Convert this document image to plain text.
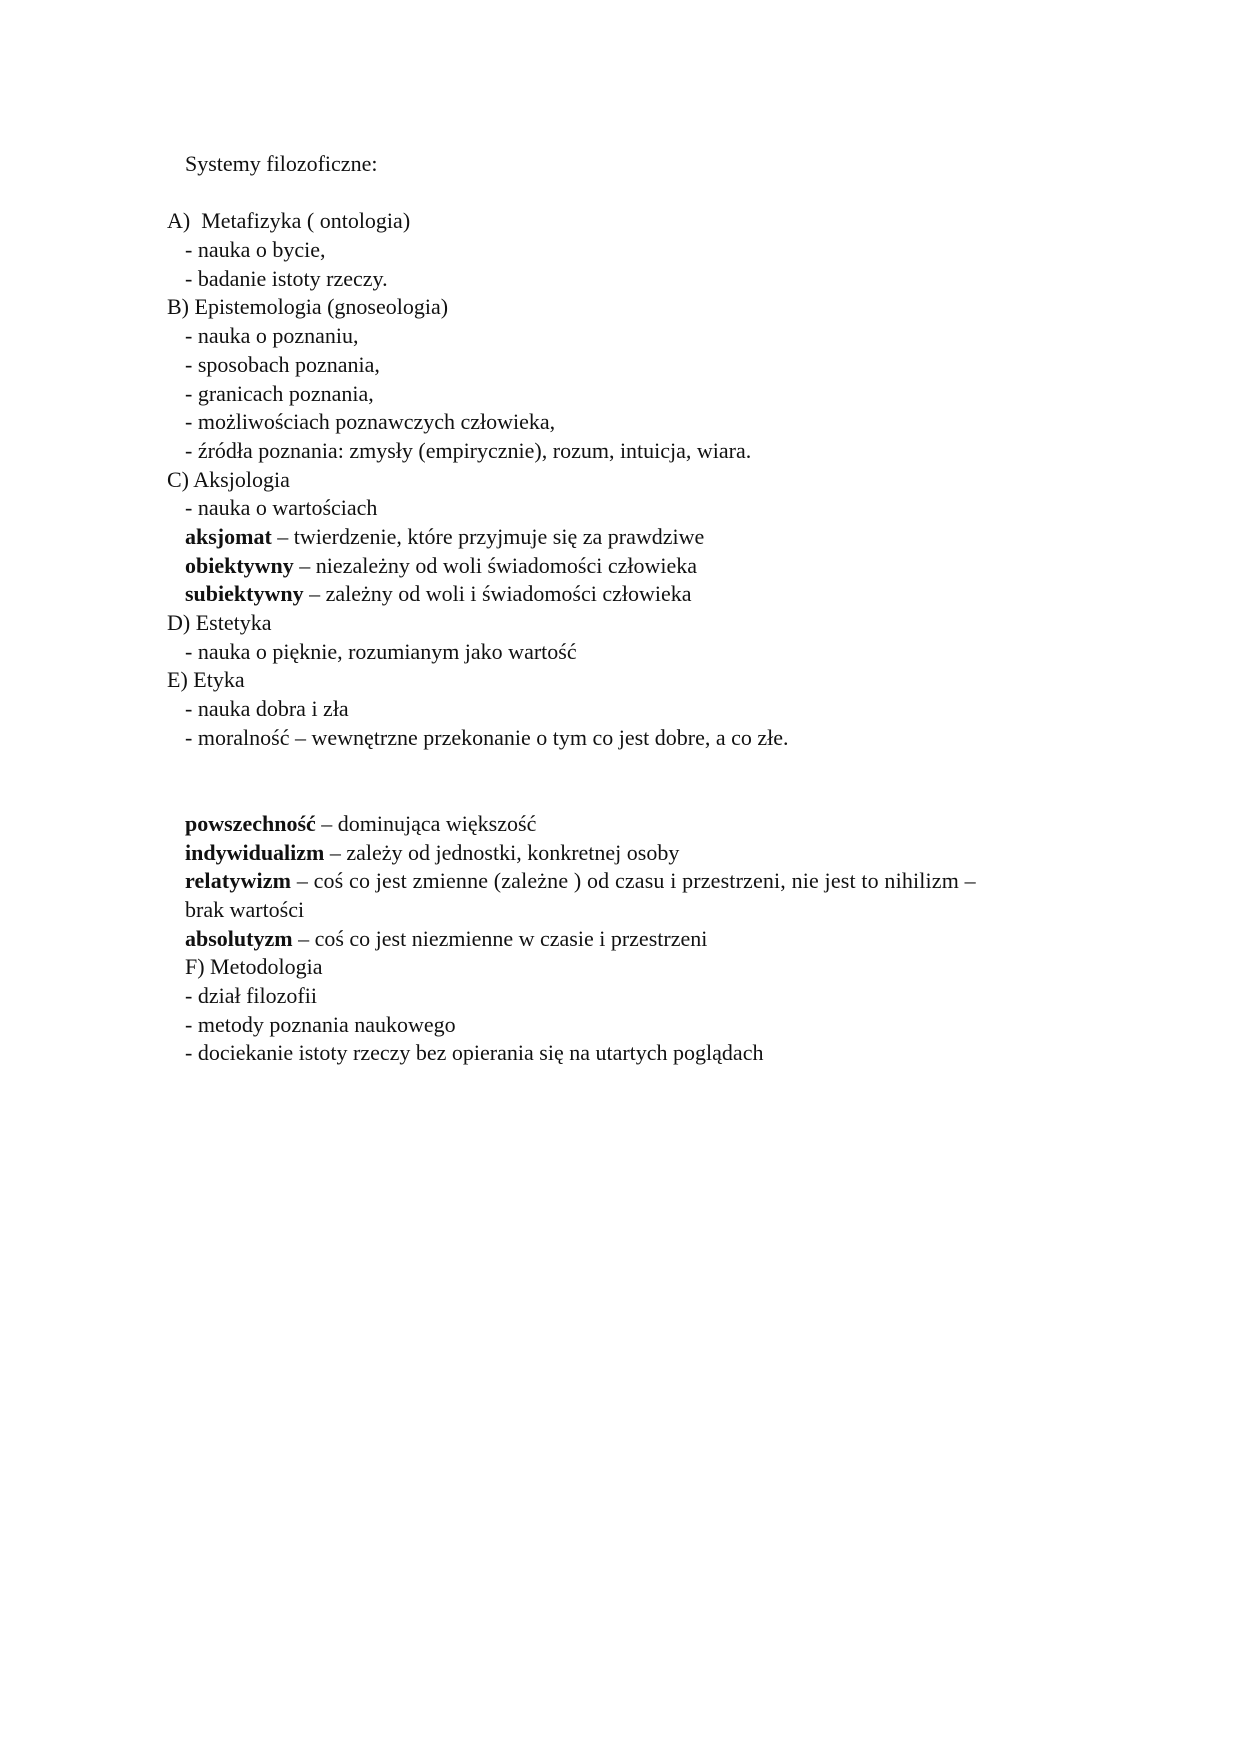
Systemy filozoficzne:
A)  Metafizyka ( ontologia)
- nauka o bycie,
- badanie istoty rzeczy.
B) Epistemologia (gnoseologia)
- nauka o poznaniu,
- sposobach poznania,
- granicach poznania,
- możliwościach poznawczych człowieka,
- źródła poznania: zmysły (empirycznie), rozum, intuicja, wiara.
C) Aksjologia
- nauka o wartościach
aksjomat – twierdzenie, które przyjmuje się za prawdziwe
obiektywny – niezależny od woli świadomości człowieka
subiektywny – zależny od woli i świadomości człowieka
D) Estetyka
- nauka o pięknie, rozumianym jako wartość
E) Etyka
- nauka dobra i zła
- moralność – wewnętrzne przekonanie o tym co jest dobre, a co złe.
powszechność – dominująca większość
indywidualizm – zależy od jednostki, konkretnej osoby
relatywizm – coś co jest zmienne (zależne ) od czasu i przestrzeni, nie jest to nihilizm –
brak wartości
absolutyzm – coś co jest niezmienne w czasie i przestrzeni
F) Metodologia
- dział filozofii
- metody poznania naukowego
- dociekanie istoty rzeczy bez opierania się na utartych poglądach
